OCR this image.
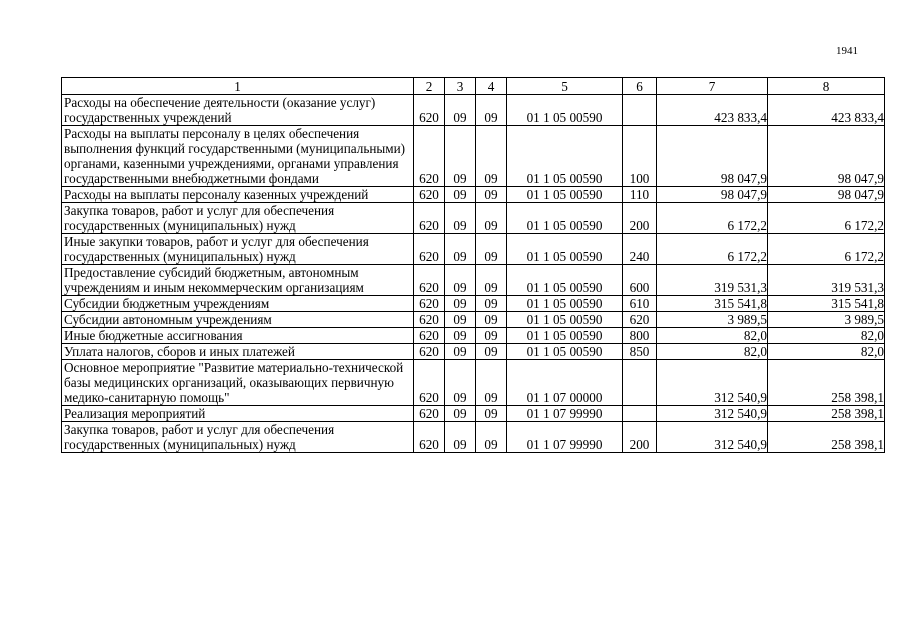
1941
1	2	3	4	5	6	7	8
Расходы на обеспечение деятельности (оказание услуг) государственных учреждений	620	09	09	01 1 05 00590		423 833,4	423 833,4
Расходы на выплаты персоналу в целях обеспечения выполнения функций государственными (муниципальными) органами, казенными учреждениями, органами управления государственными внебюджетными фондами	620	09	09	01 1 05 00590	100	98 047,9	98 047,9
Расходы на выплаты персоналу казенных учреждений	620	09	09	01 1 05 00590	110	98 047,9	98 047,9
Закупка товаров, работ и услуг для обеспечения государственных (муниципальных) нужд	620	09	09	01 1 05 00590	200	6 172,2	6 172,2
Иные закупки товаров, работ и услуг для обеспечения государственных (муниципальных) нужд	620	09	09	01 1 05 00590	240	6 172,2	6 172,2
Предоставление субсидий бюджетным, автономным учреждениям и иным некоммерческим организациям	620	09	09	01 1 05 00590	600	319 531,3	319 531,3
Субсидии бюджетным учреждениям	620	09	09	01 1 05 00590	610	315 541,8	315 541,8
Субсидии автономным учреждениям	620	09	09	01 1 05 00590	620	3 989,5	3 989,5
Иные бюджетные ассигнования	620	09	09	01 1 05 00590	800	82,0	82,0
Уплата налогов, сборов и иных платежей	620	09	09	01 1 05 00590	850	82,0	82,0
Основное мероприятие "Развитие материально-технической базы медицинских организаций, оказывающих первичную медико-санитарную помощь"	620	09	09	01 1 07 00000		312 540,9	258 398,1
Реализация мероприятий	620	09	09	01 1 07 99990		312 540,9	258 398,1
Закупка товаров, работ и услуг для обеспечения государственных (муниципальных) нужд	620	09	09	01 1 07 99990	200	312 540,9	258 398,1
